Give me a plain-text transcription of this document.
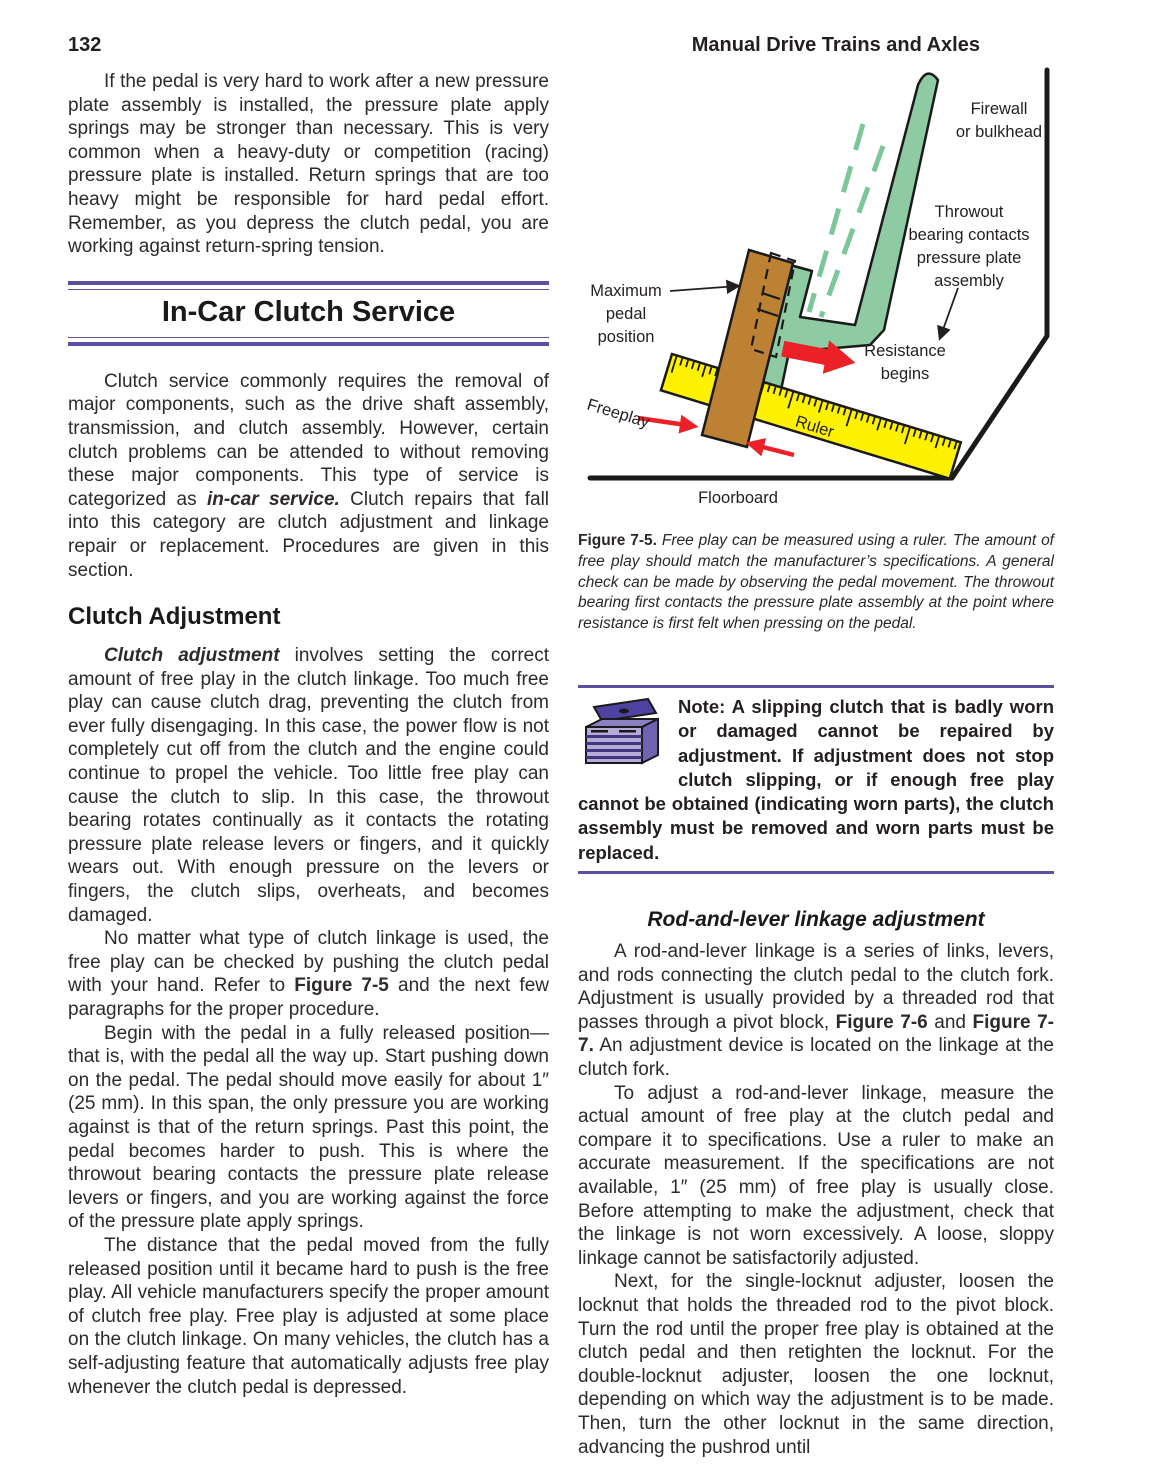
132	Manual Drive Trains and Axles

If the pedal is very hard to work after a new pressure plate assembly is installed, the pressure plate apply springs may be stronger than necessary. This is very common when a heavy-duty or competition (racing) pressure plate is installed. Return springs that are too heavy might be responsible for hard pedal effort. Remember, as you depress the clutch pedal, you are working against return-spring tension.

In-Car Clutch Service

Clutch service commonly requires the removal of major components, such as the drive shaft assembly, transmission, and clutch assembly. However, certain clutch problems can be attended to without removing these major components. This type of service is categorized as in-car service. Clutch repairs that fall into this category are clutch adjustment and linkage repair or replacement. Procedures are given in this section.

Clutch Adjustment

Clutch adjustment involves setting the correct amount of free play in the clutch linkage. Too much free play can cause clutch drag, preventing the clutch from ever fully disengaging. In this case, the power flow is not completely cut off from the clutch and the engine could continue to propel the vehicle. Too little free play can cause the clutch to slip. In this case, the throwout bearing rotates continually as it contacts the rotating pressure plate release levers or fingers, and it quickly wears out. With enough pressure on the levers or fingers, the clutch slips, overheats, and becomes damaged.

No matter what type of clutch linkage is used, the free play can be checked by pushing the clutch pedal with your hand. Refer to Figure 7-5 and the next few paragraphs for the proper procedure.

Begin with the pedal in a fully released position—that is, with the pedal all the way up. Start pushing down on the pedal. The pedal should move easily for about 1″ (25 mm). In this span, the only pressure you are working against is that of the return springs. Past this point, the pedal becomes harder to push. This is where the throwout bearing contacts the pressure plate release levers or fingers, and you are working against the force of the pressure plate apply springs.

The distance that the pedal moved from the fully released position until it became hard to push is the free play. All vehicle manufacturers specify the proper amount of clutch free play. Free play is adjusted at some place on the clutch linkage. On many vehicles, the clutch has a self-adjusting feature that automatically adjusts free play whenever the clutch pedal is depressed.

Ruler
Firewall
or bulkhead
Throwout
bearing contacts
pressure plate
assembly
Maximum
pedal
position
Resistance
begins
Freeplay
Floorboard
Figure 7-5. Free play can be measured using a ruler. The amount of free play should match the manufacturer’s specifications. A general check can be made by observing the pedal movement. The throwout bearing first contacts the pressure plate assembly at the point where resistance is first felt when pressing on the pedal.
Note: A slipping clutch that is badly worn or damaged cannot be repaired by adjustment. If adjustment does not stop clutch slipping, or if enough free play cannot be obtained (indicating worn parts), the clutch assembly must be removed and worn parts must be replaced.
Rod-and-lever linkage adjustment

A rod-and-lever linkage is a series of links, levers, and rods connecting the clutch pedal to the clutch fork. Adjustment is usually provided by a threaded rod that passes through a pivot block, Figure 7-6 and Figure 7-7. An adjustment device is located on the linkage at the clutch fork.

To adjust a rod-and-lever linkage, measure the actual amount of free play at the clutch pedal and compare it to specifications. Use a ruler to make an accurate measurement. If the specifications are not available, 1″ (25 mm) of free play is usually close. Before attempting to make the adjustment, check that the linkage is not worn excessively. A loose, sloppy linkage cannot be satisfactorily adjusted.

Next, for the single-locknut adjuster, loosen the locknut that holds the threaded rod to the pivot block. Turn the rod until the proper free play is obtained at the clutch pedal and then retighten the locknut. For the double-locknut adjuster, loosen the one locknut, depending on which way the adjustment is to be made. Then, turn the other locknut in the same direction, advancing the pushrod until
